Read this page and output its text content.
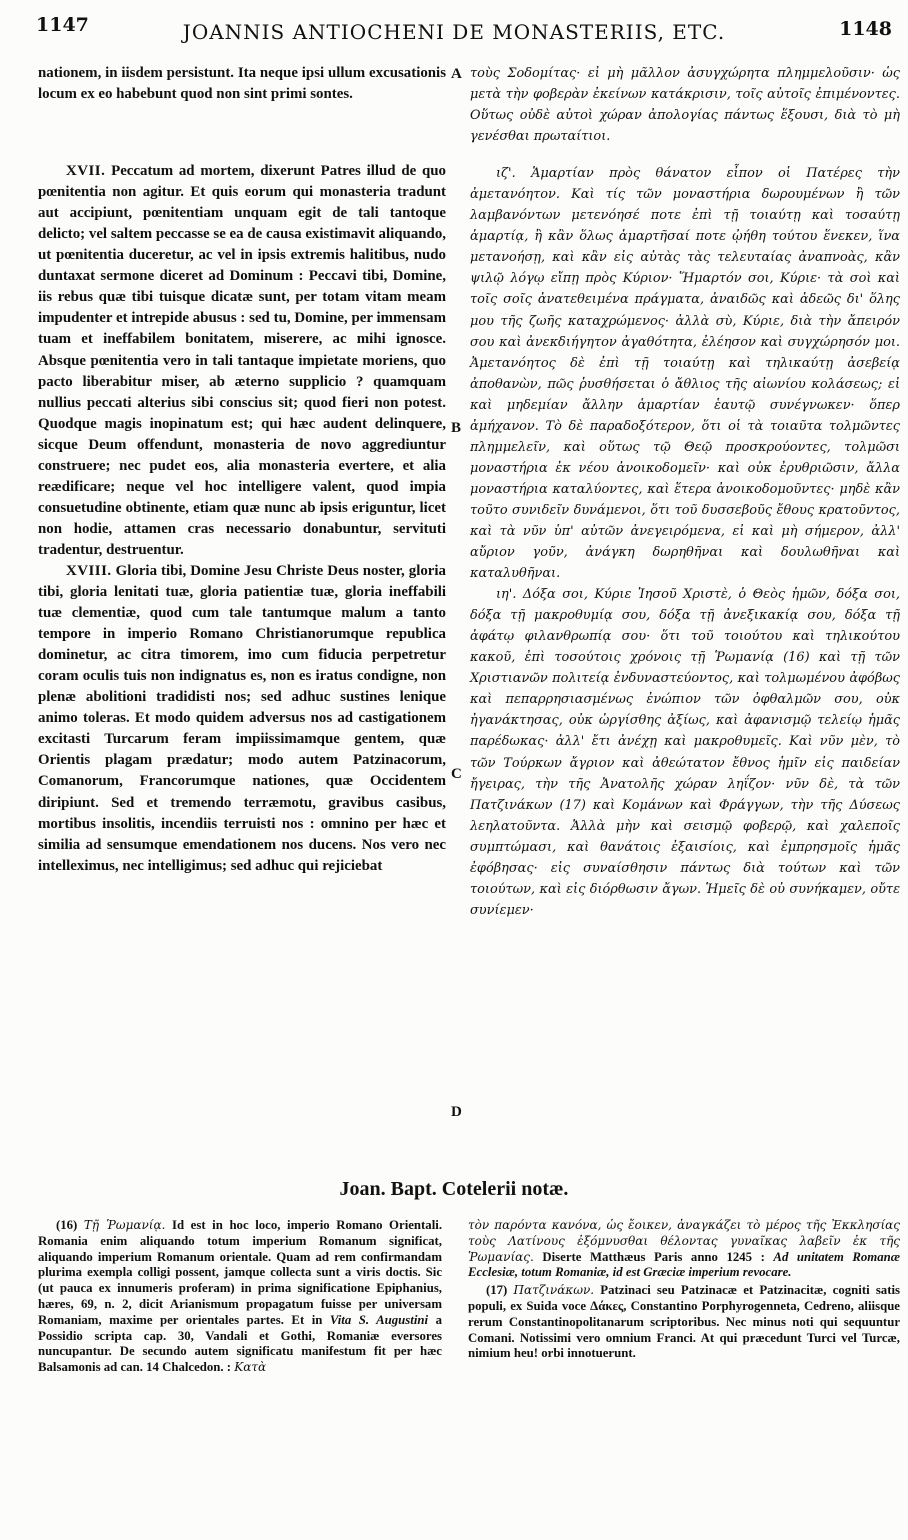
1147	JOANNIS ANTIOCHENI DE MONASTERIIS, ETC.	1148

nationem, in iisdem persistunt. Ita neque ipsi ullum excusationis locum ex eo habebunt quod non sint primi sontes.

XVII. Peccatum ad mortem, dixerunt Patres illud de quo pœnitentia non agitur. Et quis eorum qui monasteria tradunt aut accipiunt, pœnitentiam unquam egit de tali tantoque delicto; vel saltem peccasse se ea de causa existimavit aliquando, ut pœnitentia duceretur, ac vel in ipsis extremis halitibus, nudo duntaxat sermone diceret ad Dominum : Peccavi tibi, Domine, iis rebus quæ tibi tuisque dicatæ sunt, per totam vitam meam impudenter et intrepide abusus : sed tu, Domine, per immensam tuam et ineffabilem bonitatem, miserere, ac mihi ignosce. Absque pœnitentia vero in tali tantaque impietate moriens, quo pacto liberabitur miser, ab æterno supplicio ? quamquam nullius peccati alterius sibi conscius sit; quod fieri non potest. Quodque magis inopinatum est; qui hæc audent delinquere, sicque Deum offendunt, monasteria de novo aggrediuntur construere; nec pudet eos, alia monasteria evertere, et alia reædificare; neque vel hoc intelligere valent, quod impia consuetudine obtinente, etiam quæ nunc ab ipsis eriguntur, licet non hodie, attamen cras necessario donabuntur, servituti tradentur, destruentur.

XVIII. Gloria tibi, Domine Jesu Christe Deus noster, gloria tibi, gloria lenitati tuæ, gloria patientiæ tuæ, gloria ineffabili tuæ clementiæ, quod cum tale tantumque malum a tanto tempore in imperio Romano Christianorumque republica dominetur, ac citra timorem, imo cum fiducia perpetretur coram oculis tuis non indignatus es, non es iratus condigne, non plenæ abolitioni tradidisti nos; sed adhuc sustines lenique animo toleras. Et modo quidem adversus nos ad castigationem excitasti Turcarum feram impiissimamque gentem, quæ Orientis plagam prædatur; modo autem Patzinacorum, Comanorum, Francorumque nationes, quæ Occidentem diripiunt. Sed et tremendo terræmotu, gravibus casibus, mortibus insolitis, incendiis terruisti nos : omnino per hæc et similia ad sensumque emendationem nos ducens. Nos vero nec intelleximus, nec intelligimus; sed adhuc qui rejiciebat

A
B
C
D

τοὺς Σοδομίτας· εἰ μὴ μᾶλλον ἀσυγχώρητα πλημμελοῦσιν· ὡς μετὰ τὴν φοβερὰν ἐκείνων κατάκρισιν, τοῖς αὐτοῖς ἐπιμένοντες. Οὕτως οὐδὲ αὐτοὶ χώραν ἀπολογίας πάντως ἕξουσι, διὰ τὸ μὴ γενέσθαι πρωταίτιοι.

ιζ'. Ἁμαρτίαν πρὸς θάνατον εἶπον οἱ Πατέρες τὴν ἀμετανόητον. Καὶ τίς τῶν μοναστήρια δωρουμένων ἢ τῶν λαμβανόντων μετενόησέ ποτε ἐπὶ τῇ τοιαύτῃ καὶ τοσαύτῃ ἁμαρτίᾳ, ἢ κἂν ὅλως ἁμαρτῆσαί ποτε ᾠήθη τούτου ἕνεκεν, ἵνα μετανοήσῃ, καὶ κἂν εἰς αὐτὰς τὰς τελευταίας ἀναπνοὰς, κἂν ψιλῷ λόγῳ εἴπῃ πρὸς Κύριον· Ἥμαρτόν σοι, Κύριε· τὰ σοὶ καὶ τοῖς σοῖς ἀνατεθειμένα πράγματα, ἀναιδῶς καὶ ἀδεῶς δι' ὅλης μου τῆς ζωῆς καταχρώμενος· ἀλλὰ σὺ, Κύριε, διὰ τὴν ἄπειρόν σου καὶ ἀνεκδιήγητον ἀγαθότητα, ἐλέησον καὶ συγχώρησόν μοι. Ἀμετανόητος δὲ ἐπὶ τῇ τοιαύτῃ καὶ τηλικαύτῃ ἀσεβείᾳ ἀποθανὼν, πῶς ῥυσθήσεται ὁ ἄθλιος τῆς αἰωνίου κολάσεως; εἰ καὶ μηδεμίαν ἄλλην ἁμαρτίαν ἑαυτῷ συνέγνωκεν· ὅπερ ἀμήχανον. Τὸ δὲ παραδοξότερον, ὅτι οἱ τὰ τοιαῦτα τολμῶντες πλημμελεῖν, καὶ οὕτως τῷ Θεῷ προσκρούοντες, τολμῶσι μοναστήρια ἐκ νέου ἀνοικοδομεῖν· καὶ οὐκ ἐρυθριῶσιν, ἄλλα μοναστήρια καταλύοντες, καὶ ἕτερα ἀνοικοδομοῦντες· μηδὲ κἂν τοῦτο συνιδεῖν δυνάμενοι, ὅτι τοῦ δυσσεβοῦς ἔθους κρατοῦντος, καὶ τὰ νῦν ὑπ' αὐτῶν ἀνεγειρόμενα, εἰ καὶ μὴ σήμερον, ἀλλ' αὔριον γοῦν, ἀνάγκη δωρηθῆναι καὶ δουλωθῆναι καὶ καταλυθῆναι.

ιη'. Δόξα σοι, Κύριε Ἰησοῦ Χριστὲ, ὁ Θεὸς ἡμῶν, δόξα σοι, δόξα τῇ μακροθυμίᾳ σου, δόξα τῇ ἀνεξικακίᾳ σου, δόξα τῇ ἀφάτῳ φιλανθρωπίᾳ σου· ὅτι τοῦ τοιούτου καὶ τηλικούτου κακοῦ, ἐπὶ τοσούτοις χρόνοις τῇ Ῥωμανίᾳ (16) καὶ τῇ τῶν Χριστιανῶν πολιτείᾳ ἐνδυναστεύοντος, καὶ τολμωμένου ἀφόβως καὶ πεπαρρησιασμένως ἐνώπιον τῶν ὀφθαλμῶν σου, οὐκ ἠγανάκτησας, οὐκ ὠργίσθης ἀξίως, καὶ ἀφανισμῷ τελείῳ ἡμᾶς παρέδωκας· ἀλλ' ἔτι ἀνέχῃ καὶ μακροθυμεῖς. Καὶ νῦν μὲν, τὸ τῶν Τούρκων ἄγριον καὶ ἀθεώτατον ἔθνος ἡμῖν εἰς παιδείαν ἤγειρας, τὴν τῆς Ἀνατολῆς χώραν ληΐζον· νῦν δὲ, τὰ τῶν Πατζινάκων (17) καὶ Κομάνων καὶ Φράγγων, τὴν τῆς Δύσεως λεηλατοῦντα. Ἀλλὰ μὴν καὶ σεισμῷ φοβερῷ, καὶ χαλεποῖς συμπτώμασι, καὶ θανάτοις ἐξαισίοις, καὶ ἐμπρησμοῖς ἡμᾶς ἐφόβησας· εἰς συναίσθησιν πάντως διὰ τούτων καὶ τῶν τοιούτων, καὶ εἰς διόρθωσιν ἄγων. Ἡμεῖς δὲ οὐ συνήκαμεν, οὔτε συνίεμεν·

Joan. Bapt. Cotelerii notæ.

(16) Τῇ Ῥωμανίᾳ. Id est in hoc loco, imperio Romano Orientali. Romania enim aliquando totum imperium Romanum significat, aliquando imperium Romanum orientale. Quam ad rem confirmandam plurima exempla colligi possent, jamque collecta sunt a viris doctis. Sic (ut pauca ex innumeris proferam) in prima significatione Epiphanius, hæres, 69, n. 2, dicit Arianismum propagatum fuisse per universam Romaniam, maxime per orientales partes. Et in Vita S. Augustini a Possidio scripta cap. 30, Vandali et Gothi, Romaniæ eversores nuncupantur. De secundo autem significatu manifestum fit per hæc Balsamonis ad can. 14 Chalcedon. : Κατὰ

τὸν παρόντα κανόνα, ὡς ἔοικεν, ἀναγκάζει τὸ μέρος τῆς Ἐκκλησίας τοὺς Λατίνους ἐξόμνυσθαι θέλοντας γυναῖκας λαβεῖν ἐκ τῆς Ῥωμανίας. Diserte Matthæus Paris anno 1245 : Ad unitatem Romanæ Ecclesiæ, totum Romaniæ, id est Græciæ imperium revocare.

(17) Πατζινάκων. Patzinaci seu Patzinacæ et Patzinacitæ, cogniti satis populi, ex Suida voce Δάκες, Constantino Porphyrogenneta, Cedreno, aliisque rerum Constantinopolitanarum scriptoribus. Nec minus noti qui sequuntur Comani. Notissimi vero omnium Franci. At qui præcedunt Turci vel Turcæ, nimium heu! orbi innotuerunt.
